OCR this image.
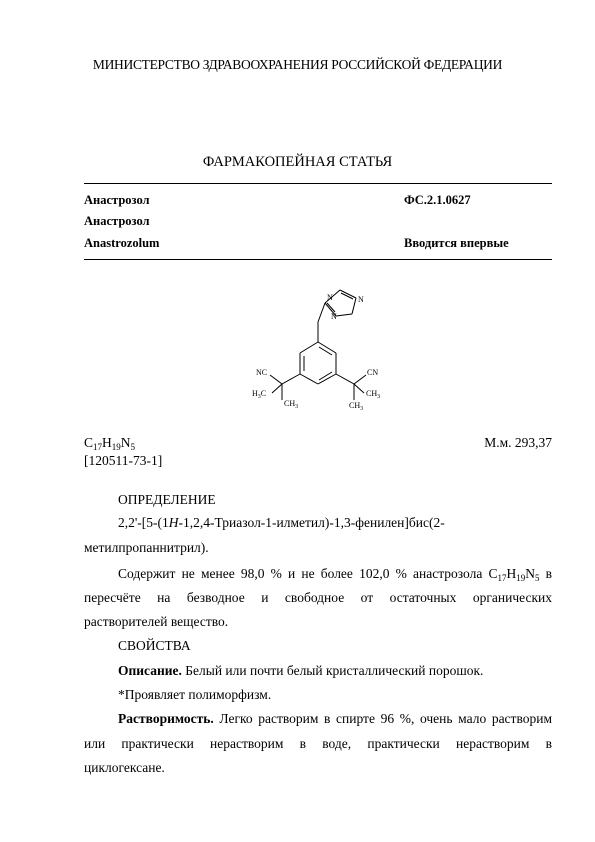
МИНИСТЕРСТВО ЗДРАВООХРАНЕНИЯ РОССИЙСКОЙ ФЕДЕРАЦИИ
ФАРМАКОПЕЙНАЯ СТАТЬЯ
Анастрозол	ФС.2.1.0627
Анастрозол
Anastrozolum	Вводится впервые
N	N
N
NC	CN
$H_3C$	$CH_3$
$CH_3$	$CH_3$
$C_{17}H_{19}N_5$
[120511-73-1]
М.м. 293,37
ОПРЕДЕЛЕНИЕ
2,2'-[5-(1H-1,2,4-Триазол-1-илметил)-1,3-фенилен]бис(2-
метилпропаннитрил).
Содержит не менее 98,0 % и не более 102,0 % анастрозола $C_{17}H_{19}N_5$ в
пересчёте на безводное и свободное от остаточных органических
растворителей вещество.
СВОЙСТВА
Описание. Белый или почти белый кристаллический порошок.
*Проявляет полиморфизм.
Растворимость. Легко растворим в спирте 96 %, очень мало растворим
или практически нерастворим в воде, практически нерастворим в
циклогексане.
